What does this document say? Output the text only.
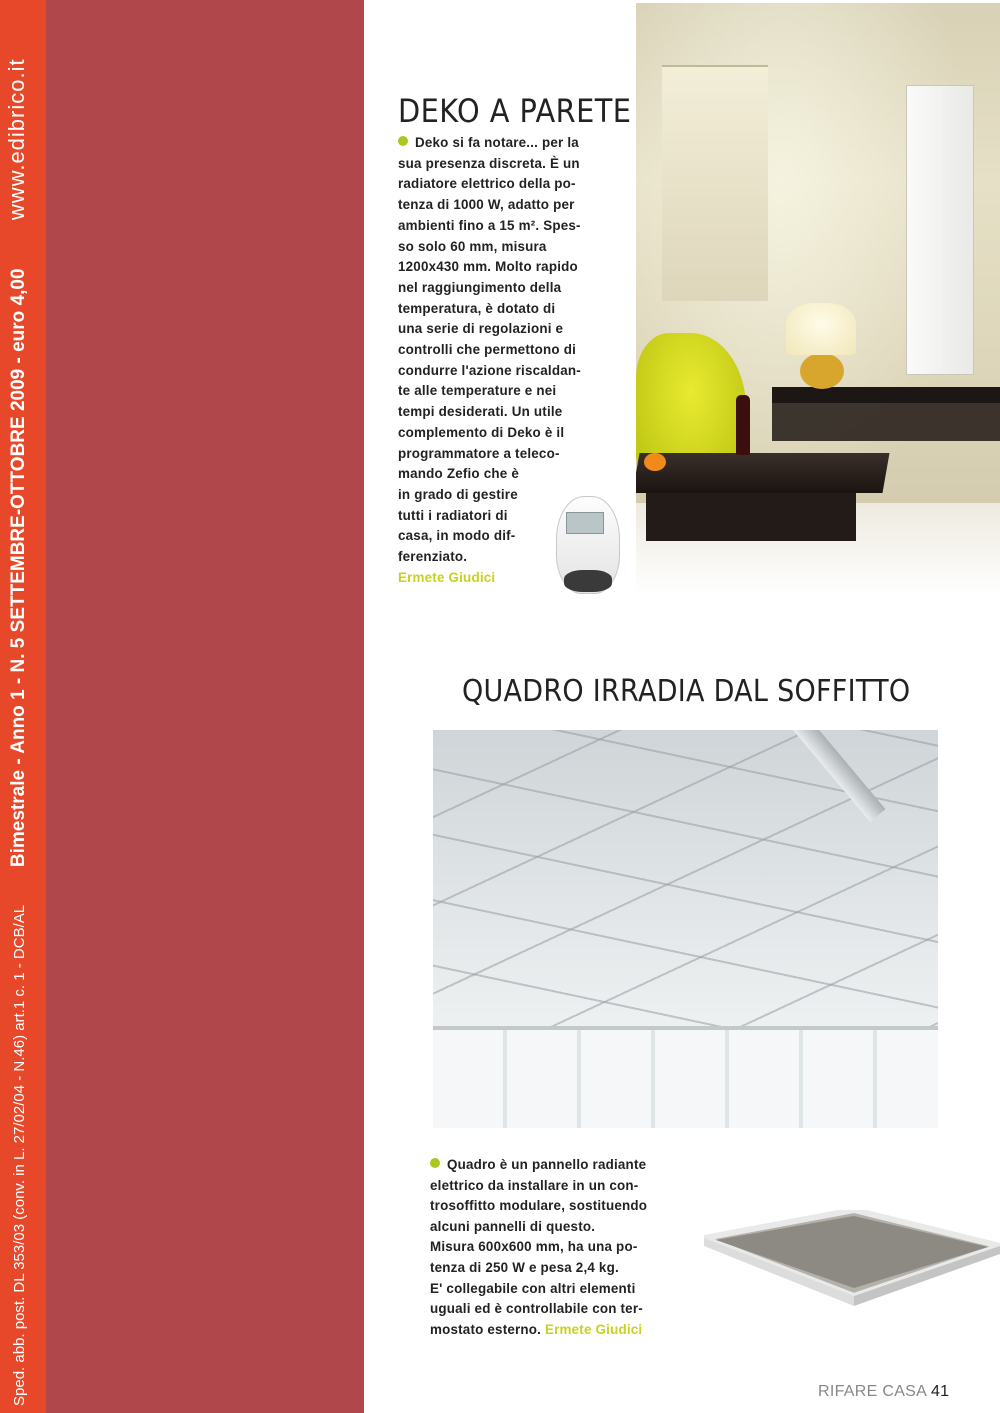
Sped. abb. post. DL 353/03 (conv. in L. 27/02/04 - N.46) art.1 c. 1 - DCB/AL  Bimestrale - Anno 1 - N. 5 SETTEMBRE-OTTOBRE 2009 - euro 4,00  www.edibrico.it	DEKO A PARETE
Deko si fa notare... per la
sua presenza discreta. È un
radiatore elettrico della po-
tenza di 1000 W, adatto per
ambienti fino a 15 m². Spes-
so solo 60 mm, misura
1200x430 mm. Molto rapido
nel raggiungimento della
temperatura, è dotato di
una serie di regolazioni e
controlli che permettono di
condurre l'azione riscaldan-
te alle temperature e nei
tempi desiderati. Un utile
complemento di Deko è il
programmatore a teleco-
mando Zefio che è
in grado di gestire
tutti i radiatori di
casa, in modo dif-
ferenziato.
Ermete Giudici
QUADRO IRRADIA DAL SOFFITTO
Quadro è un pannello radiante
elettrico da installare in un con-
trosoffitto modulare, sostituendo
alcuni pannelli di questo.
Misura 600x600 mm, ha una po-
tenza di 250 W e pesa 2,4 kg.
E' collegabile con altri elementi
uguali ed è controllabile con ter-
mostato esterno. Ermete Giudici
RIFARE CASA 41
